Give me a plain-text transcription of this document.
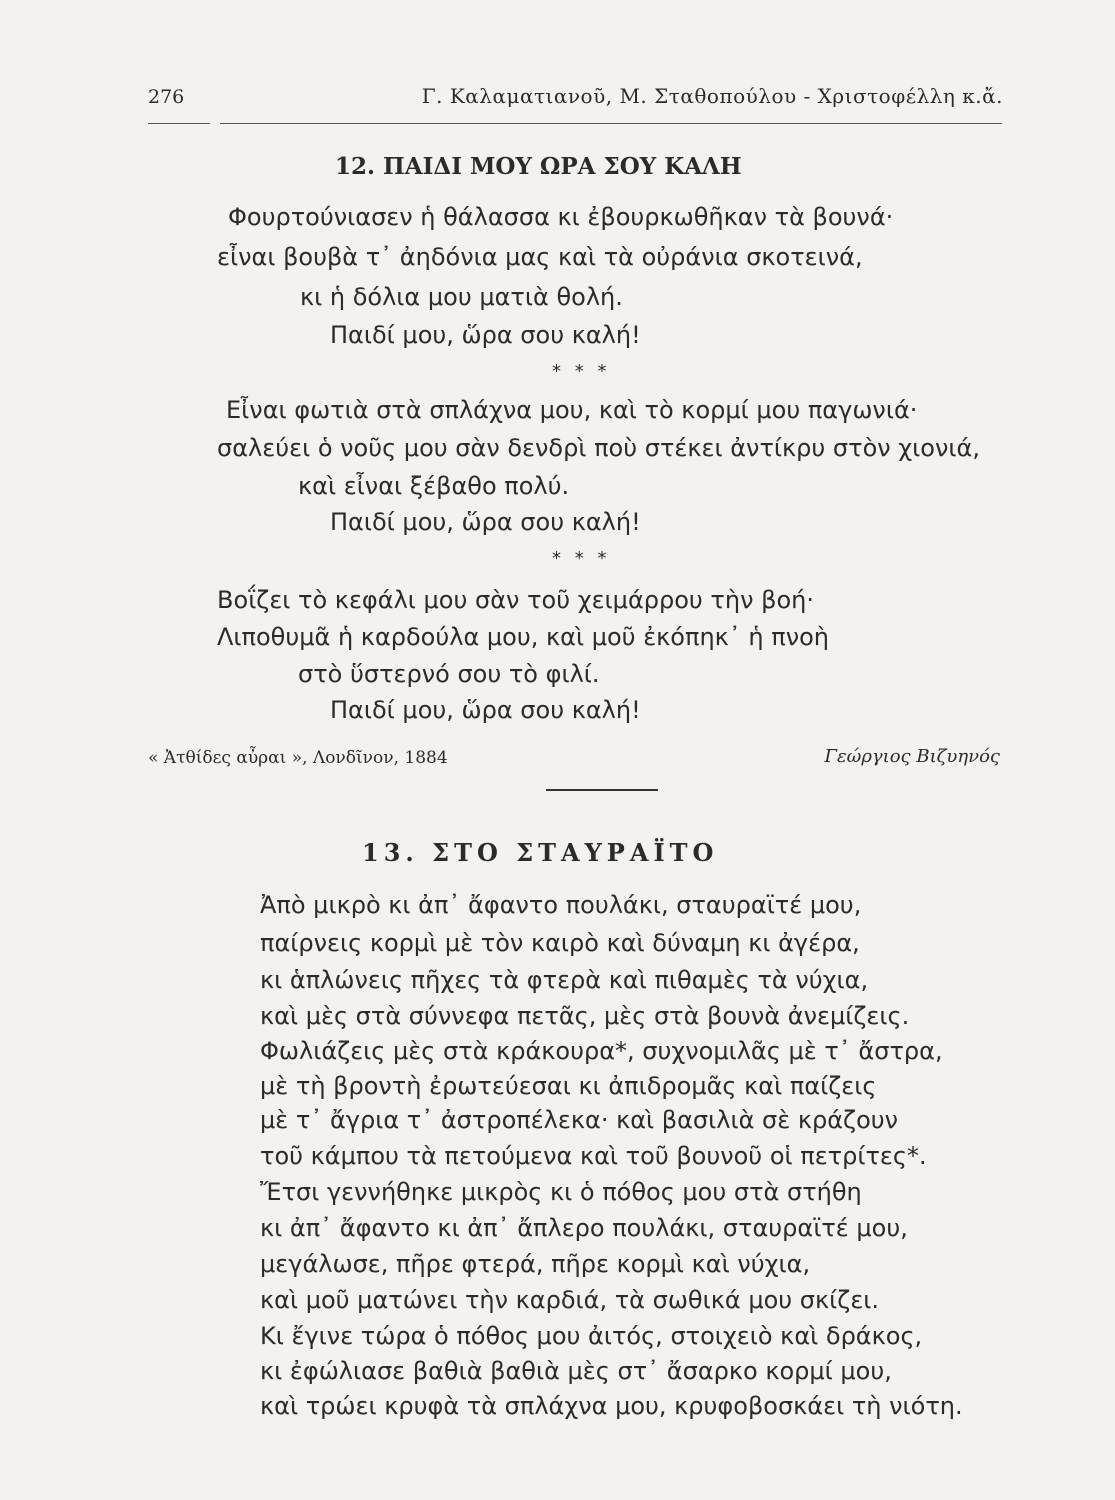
276	Γ. Καλαματιανοῦ, Μ. Σταθοπούλου - Χριστοφέλλη κ.ἄ.
12. ΠΑΙΔΙ ΜΟΥ ΩΡΑ ΣΟΥ ΚΑΛΗ
Φουρτούνιασεν ἡ θάλασσα κι ἐβουρκωθῆκαν τὰ βουνά·
εἶναι βουβὰ τ᾽ ἀηδόνια μας καὶ τὰ οὐράνια σκοτεινά,
κι ἡ δόλια μου ματιὰ θολή.
Παιδί μου, ὥρα σου καλή!
* * *
Εἶναι φωτιὰ στὰ σπλάχνα μου, καὶ τὸ κορμί μου παγωνιά·
σαλεύει ὁ νοῦς μου σὰν δενδρὶ ποὺ στέκει ἀντίκρυ στὸν χιονιά,
καὶ εἶναι ξέβαθο πολύ.
Παιδί μου, ὥρα σου καλή!
* * *
Βοΐζει τὸ κεφάλι μου σὰν τοῦ χειμάρρου τὴν βοή·
Λιποθυμᾶ ἡ καρδούλα μου, καὶ μοῦ ἐκόπηκ᾽ ἡ πνοὴ
στὸ ὕστερνό σου τὸ φιλί.
Παιδί μου, ὥρα σου καλή!
« Ἀτθίδες αὖραι », Λονδῖνον, 1884	Γεώργιος Βιζυηνός
13. ΣΤΟ ΣΤΑΥΡΑΪΤΟ
Ἀπὸ μικρὸ κι ἀπ᾽ ἄφαντο πουλάκι, σταυραϊτέ μου,
παίρνεις κορμὶ μὲ τὸν καιρὸ καὶ δύναμη κι ἀγέρα,
κι ἁπλώνεις πῆχες τὰ φτερὰ καὶ πιθαμὲς τὰ νύχια,
καὶ μὲς στὰ σύννεφα πετᾶς, μὲς στὰ βουνὰ ἀνεμίζεις.
Φωλιάζεις μὲς στὰ κράκουρα*, συχνομιλᾶς μὲ τ᾽ ἄστρα,
μὲ τὴ βροντὴ ἐρωτεύεσαι κι ἀπιδρομᾶς καὶ παίζεις
μὲ τ᾽ ἄγρια τ᾽ ἀστροπέλεκα· καὶ βασιλιὰ σὲ κράζουν
τοῦ κάμπου τὰ πετούμενα καὶ τοῦ βουνοῦ οἱ πετρίτες*.
Ἔτσι γεννήθηκε μικρὸς κι ὁ πόθος μου στὰ στήθη
κι ἀπ᾽ ἄφαντο κι ἀπ᾽ ἄπλερο πουλάκι, σταυραϊτέ μου,
μεγάλωσε, πῆρε φτερά, πῆρε κορμὶ καὶ νύχια,
καὶ μοῦ ματώνει τὴν καρδιά, τὰ σωθικά μου σκίζει.
Κι ἔγινε τώρα ὁ πόθος μου ἀιτός, στοιχειὸ καὶ δράκος,
κι ἐφώλιασε βαθιὰ βαθιὰ μὲς στ᾽ ἄσαρκο κορμί μου,
καὶ τρώει κρυφὰ τὰ σπλάχνα μου, κρυφοβοσκάει τὴ νιότη.
